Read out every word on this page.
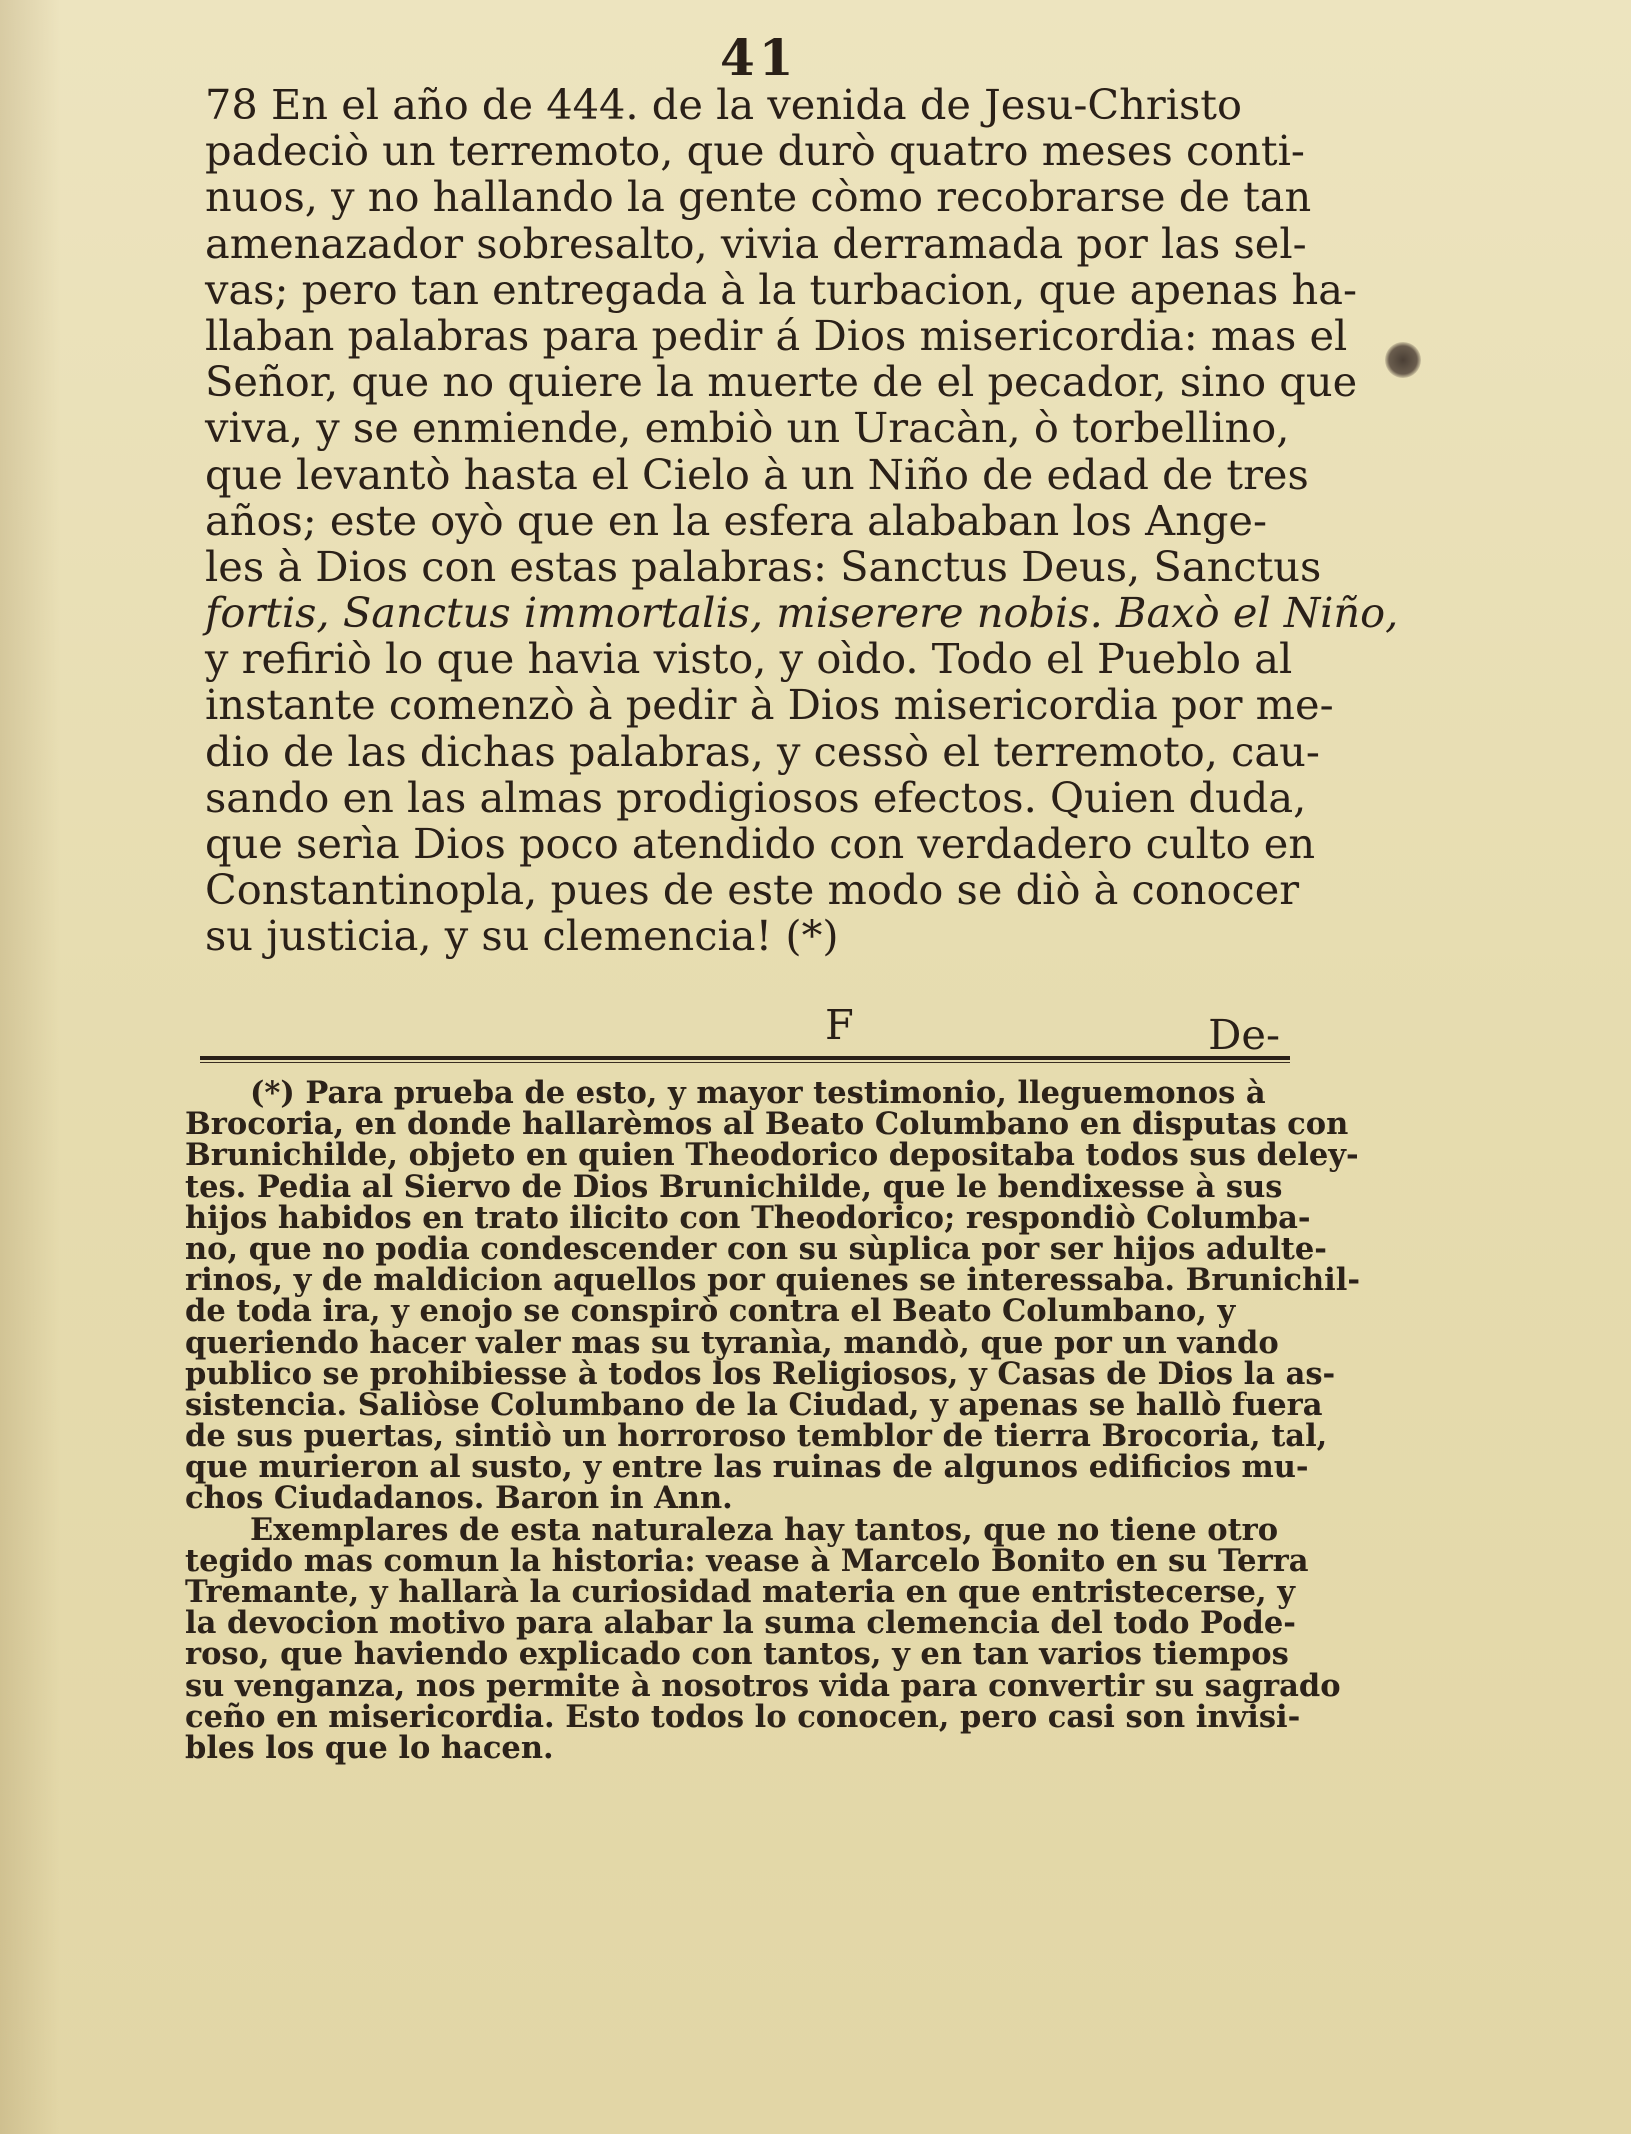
41
78 En el año de 444. de la venida de Jesu-Christo
padeciò un terremoto, que durò quatro meses conti-
nuos, y no hallando la gente còmo recobrarse de tan
amenazador sobresalto, vivia derramada por las sel-
vas; pero tan entregada à la turbacion, que apenas ha-
llaban palabras para pedir á Dios misericordia: mas el
Señor, que no quiere la muerte de el pecador, sino que
viva, y se enmiende, embiò un Uracàn, ò torbellino,
que levantò hasta el Cielo à un Niño de edad de tres
años; este oyò que en la esfera alababan los Ange-
les à Dios con estas palabras: Sanctus Deus, Sanctus
fortis, Sanctus immortalis, miserere nobis. Baxò el Niño,
y refiriò lo que havia visto, y oìdo. Todo el Pueblo al
instante comenzò à pedir à Dios misericordia por me-
dio de las dichas palabras, y cessò el terremoto, cau-
sando en las almas prodigiosos efectos. Quien duda,
que serìa Dios poco atendido con verdadero culto en
Constantinopla, pues de este modo se diò à conocer
su justicia, y su clemencia! (*)
F	De-
(*) Para prueba de esto, y mayor testimonio, lleguemonos à
Brocoria, en donde hallarèmos al Beato Columbano en disputas con
Brunichilde, objeto en quien Theodorico depositaba todos sus deley-
tes. Pedia al Siervo de Dios Brunichilde, que le bendixesse à sus
hijos habidos en trato ilicito con Theodorico; respondiò Columba-
no, que no podia condescender con su sùplica por ser hijos adulte-
rinos, y de maldicion aquellos por quienes se interessaba. Brunichil-
de toda ira, y enojo se conspirò contra el Beato Columbano, y
queriendo hacer valer mas su tyranìa, mandò, que por un vando
publico se prohibiesse à todos los Religiosos, y Casas de Dios la as-
sistencia. Saliòse Columbano de la Ciudad, y apenas se hallò fuera
de sus puertas, sintiò un horroroso temblor de tierra Brocoria, tal,
que murieron al susto, y entre las ruinas de algunos edificios mu-
chos Ciudadanos. Baron in Ann.
Exemplares de esta naturaleza hay tantos, que no tiene otro
tegido mas comun la historia: vease à Marcelo Bonito en su Terra
Tremante, y hallarà la curiosidad materia en que entristecerse, y
la devocion motivo para alabar la suma clemencia del todo Pode-
roso, que haviendo explicado con tantos, y en tan varios tiempos
su venganza, nos permite à nosotros vida para convertir su sagrado
ceño en misericordia. Esto todos lo conocen, pero casi son invisi-
bles los que lo hacen.
